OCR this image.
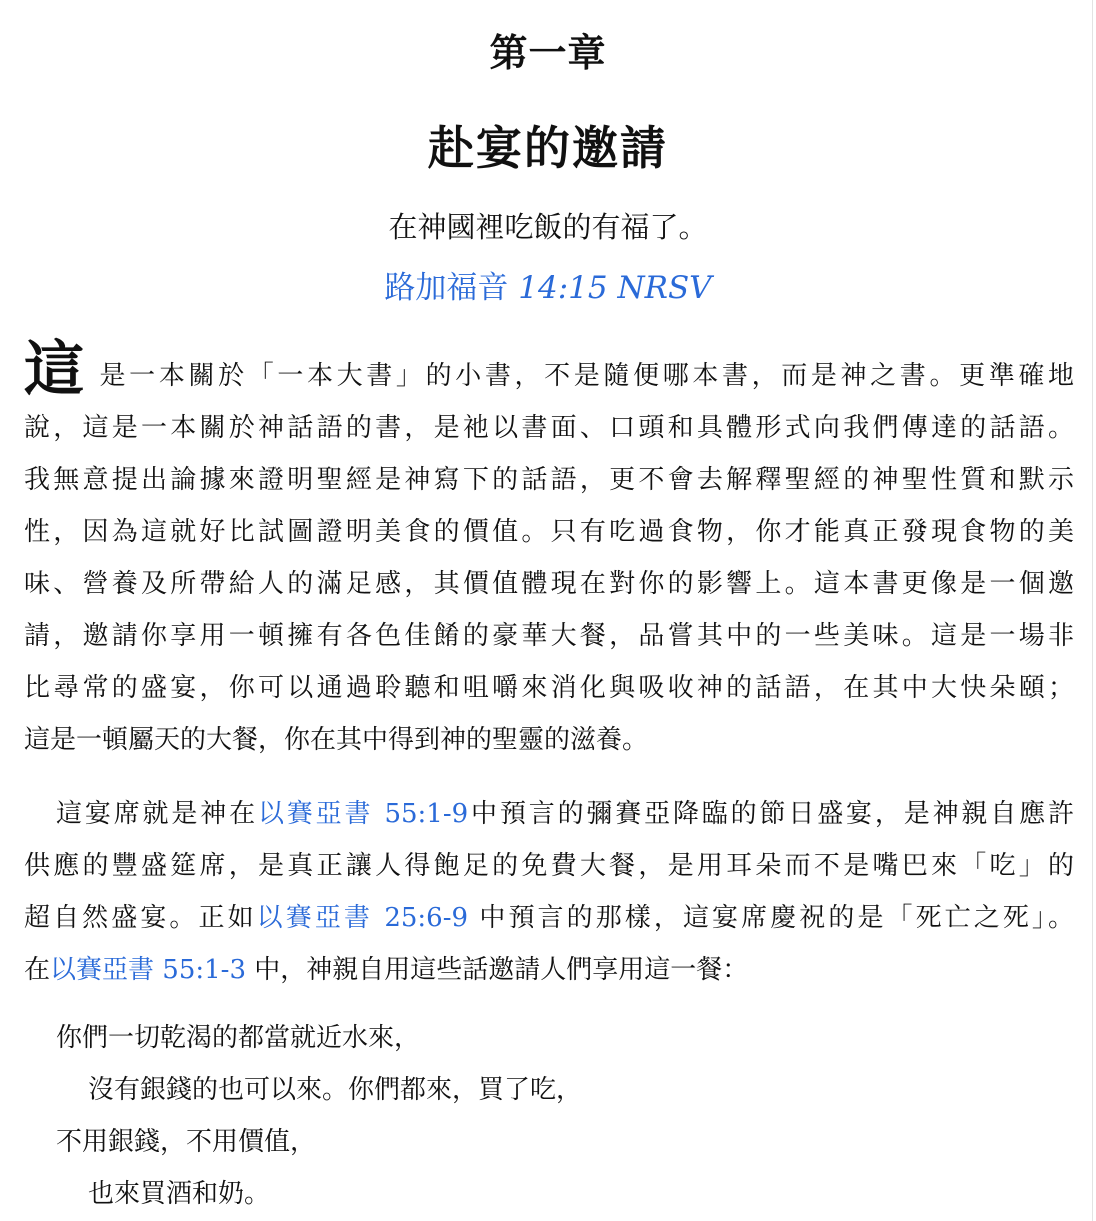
第一章
赴宴的邀請
在神國裡吃飯的有福了。
路加福音 14:15 NRSV
這 是一本關於「一本大書」的小書，不是隨便哪本書，而是神之書。更準確地
說，這是一本關於神話語的書，是祂以書面、口頭和具體形式向我們傳達的話語。
我無意提出論據來證明聖經是神寫下的話語，更不會去解釋聖經的神聖性質和默示
性，因為這就好比試圖證明美食的價值。只有吃過食物，你才能真正發現食物的美
味、營養及所帶給人的滿足感，其價值體現在對你的影響上。這本書更像是一個邀
請，邀請你享用一頓擁有各色佳餚的豪華大餐，品嘗其中的一些美味。這是一場非
比尋常的盛宴，你可以通過聆聽和咀嚼來消化與吸收神的話語，在其中大快朵頤；
這是一頓屬天的大餐，你在其中得到神的聖靈的滋養。
這宴席就是神在以賽亞書 55:1-9中預言的彌賽亞降臨的節日盛宴，是神親自應許
供應的豐盛筵席，是真正讓人得飽足的免費大餐，是用耳朵而不是嘴巴來「吃」的
超自然盛宴。正如以賽亞書 25:6-9 中預言的那樣，這宴席慶祝的是「死亡之死」。
在以賽亞書 55:1-3 中，神親自用這些話邀請人們享用這一餐：
你們一切乾渴的都當就近水來，
沒有銀錢的也可以來。你們都來，買了吃，
不用銀錢，不用價值，
也來買酒和奶。
